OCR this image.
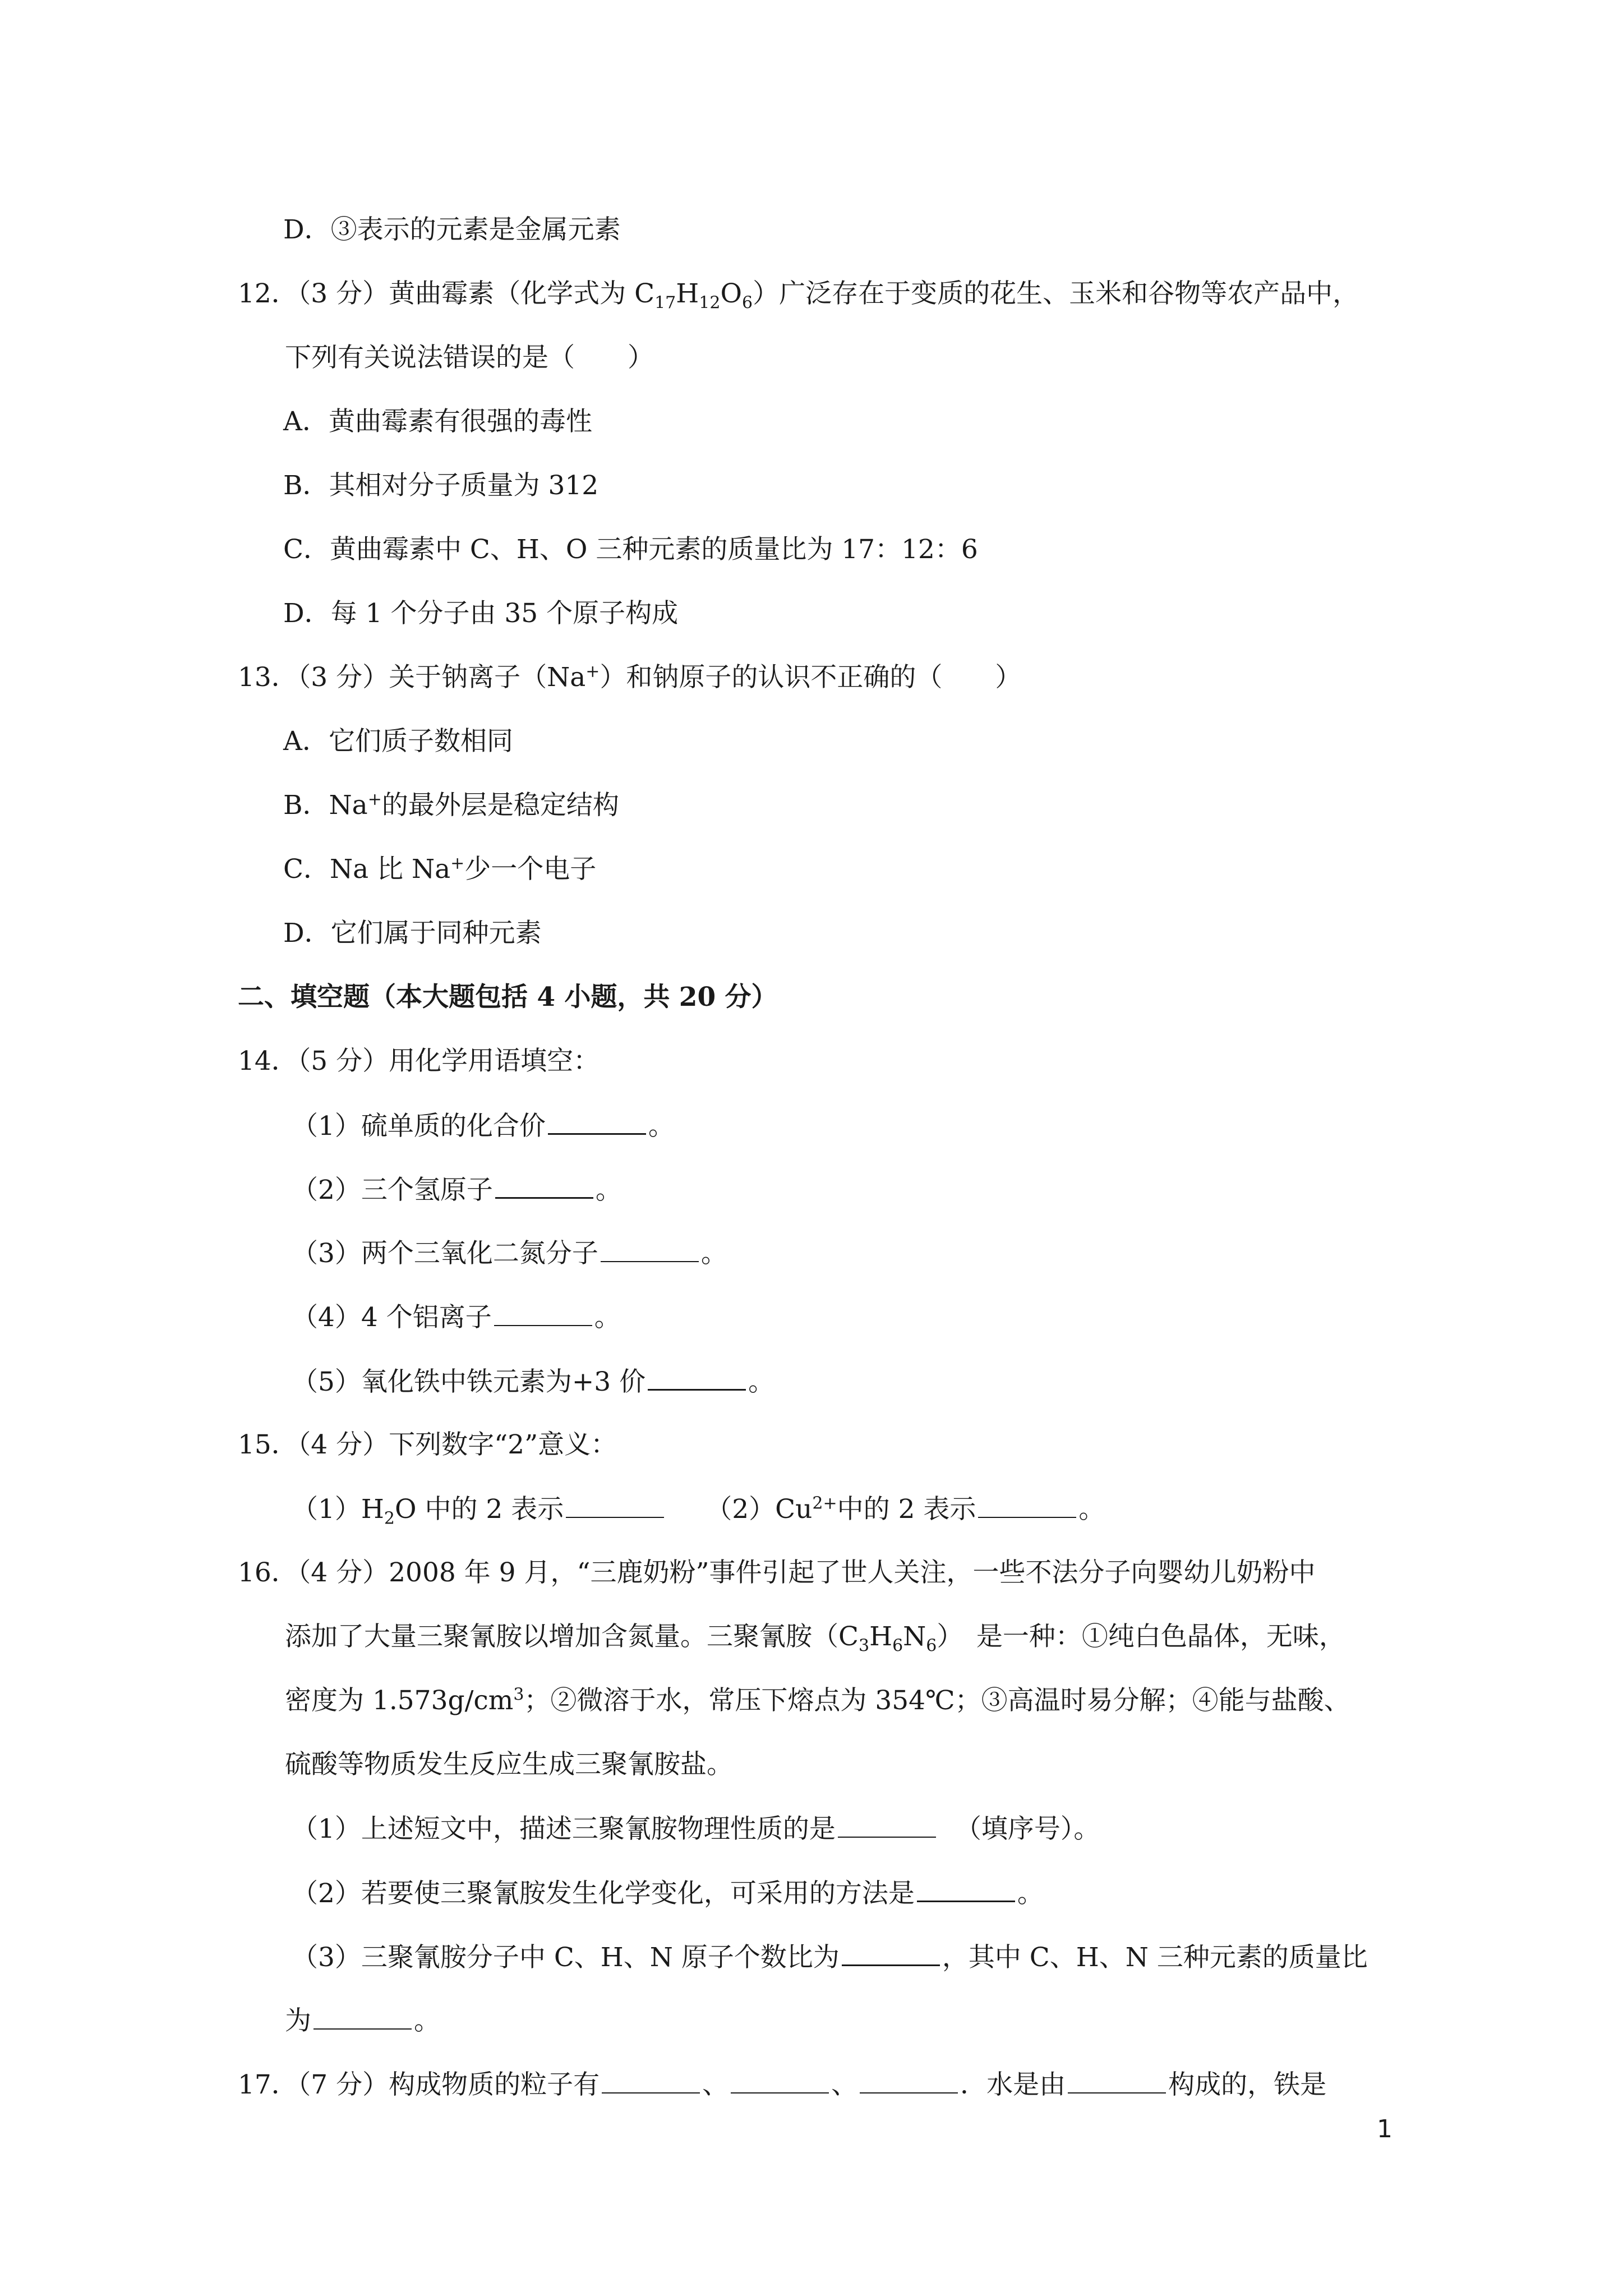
D．③表示的元素是金属元素
12．（3 分）黄曲霉素（化学式为 $C_{17}H_{12}O_6$）广泛存在于变质的花生、玉米和谷物等农产品中，
下列有关说法错误的是（　　）
A．黄曲霉素有很强的毒性
B．其相对分子质量为 312
C．黄曲霉素中 C、H、O 三种元素的质量比为 17：12：6
D．每 1 个分子由 35 个原子构成
13．（3 分）关于钠离子（Na+）和钠原子的认识不正确的（　　）
A．它们质子数相同
B．Na+的最外层是稳定结构
C．Na 比 Na+少一个电子
D．它们属于同种元素
二、填空题（本大题包括 4 小题，共 20 分）
14．（5 分）用化学用语填空：
（1）硫单质的化合价	。
（2）三个氢原子	。
（3）两个三氧化二氮分子	。
（4）4 个铝离子	。
（5）氧化铁中铁元素为+3 价	。
15．（4 分）下列数字“2”意义：
$(1)H_2O$ 中的 2 表示	$(2)Cu^{2+}$中的 2 表示	。
16．（4 分）2008 年 9 月，“三鹿奶粉”事件引起了世人关注，一些不法分子向婴幼儿奶粉中
添加了大量三聚氰胺以增加含氮量。三聚氰胺$(C_3H_6N_6)$　是一种：①纯白色晶体，无味，
密度为 $1.573g/cm^3$；②微溶于水，常压下熔点为 354℃；③高温时易分解；④能与盐酸、
硫酸等物质发生反应生成三聚氰胺盐。
（1）上述短文中，描述三聚氰胺物理性质的是	（填序号）。
（2）若要使三聚氰胺发生化学变化，可采用的方法是	。
（3）三聚氰胺分子中 C、H、N 原子个数比为	，其中 C、H、N 三种元素的质量比
为	。
17．（7 分）构成物质的粒子有	、	、	．水是由	构成的，铁是
1
